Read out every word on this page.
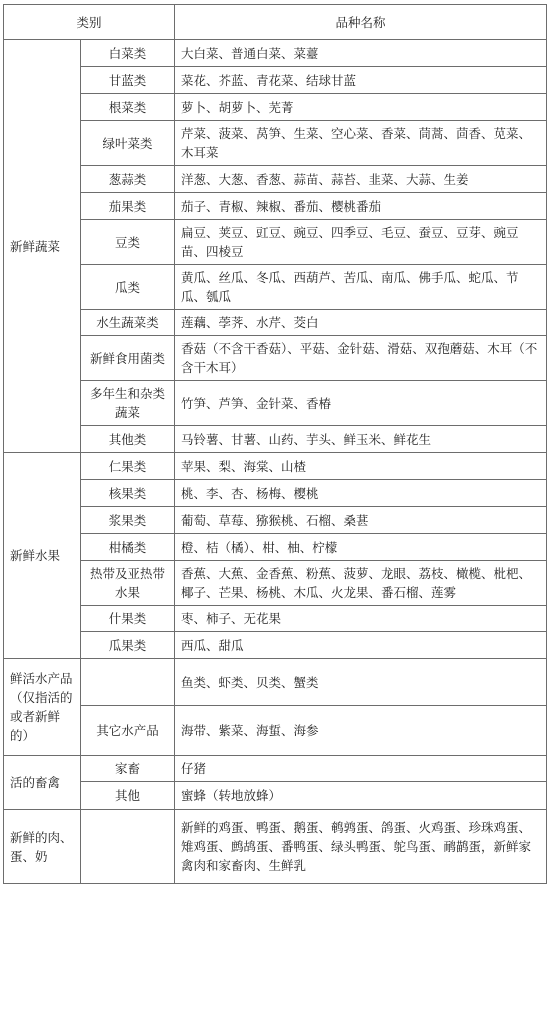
类别		品种名称
新鲜蔬菜	白菜类	大白菜、普通白菜、菜薹
	甘蓝类	菜花、芥蓝、青花菜、结球甘蓝
	根菜类	萝卜、胡萝卜、芜菁
	绿叶菜类	芹菜、菠菜、莴笋、生菜、空心菜、香菜、茼蒿、茴香、苋菜、木耳菜
	葱蒜类	洋葱、大葱、香葱、蒜苗、蒜苔、韭菜、大蒜、生姜
	茄果类	茄子、青椒、辣椒、番茄、樱桃番茄
	豆类	扁豆、荚豆、豇豆、豌豆、四季豆、毛豆、蚕豆、豆芽、豌豆苗、四棱豆
	瓜类	黄瓜、丝瓜、冬瓜、西葫芦、苦瓜、南瓜、佛手瓜、蛇瓜、节瓜、瓠瓜
	水生蔬菜类	莲藕、荸荠、水芹、茭白
	新鲜食用菌类	香菇（不含干香菇）、平菇、金针菇、滑菇、双孢蘑菇、木耳（不含干木耳）
	多年生和杂类蔬菜	竹笋、芦笋、金针菜、香椿
	其他类	马铃薯、甘薯、山药、芋头、鲜玉米、鲜花生
新鲜水果	仁果类	苹果、梨、海棠、山楂
	核果类	桃、李、杏、杨梅、樱桃
	浆果类	葡萄、草莓、猕猴桃、石榴、桑葚
	柑橘类	橙、桔（橘）、柑、柚、柠檬
	热带及亚热带水果	香蕉、大蕉、金香蕉、粉蕉、菠萝、龙眼、荔枝、橄榄、枇杷、椰子、芒果、杨桃、木瓜、火龙果、番石榴、莲雾
	什果类	枣、柿子、无花果
	瓜果类	西瓜、甜瓜
鲜活水产品（仅指活的或者新鲜的）		鱼类、虾类、贝类、蟹类
	其它水产品	海带、紫菜、海蜇、海参
活的畜禽	家畜	仔猪
	其他	蜜蜂（转地放蜂）
新鲜的肉、蛋、奶		新鲜的鸡蛋、鸭蛋、鹅蛋、鹌鹑蛋、鸽蛋、火鸡蛋、珍珠鸡蛋、雉鸡蛋、鹧鸪蛋、番鸭蛋、绿头鸭蛋、鸵鸟蛋、鸸鹋蛋，新鲜家禽肉和家畜肉、生鲜乳
